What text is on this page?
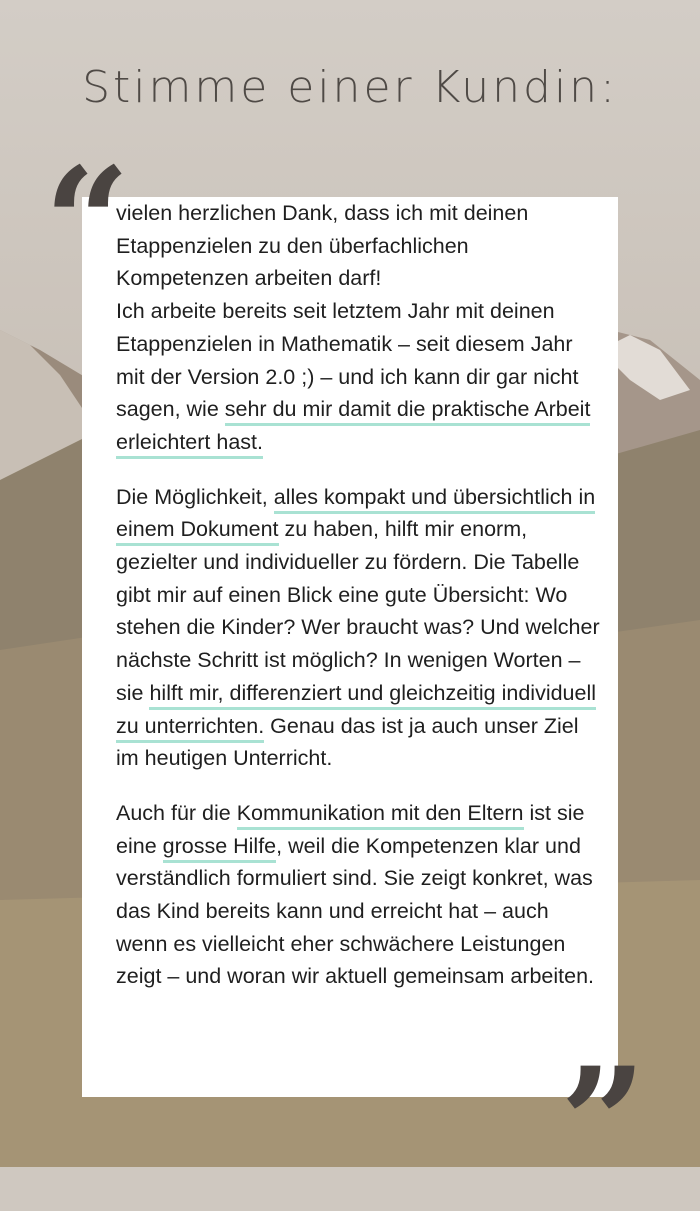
Stimme einer Kundin:

vielen herzlichen Dank, dass ich mit deinen Etappenzielen zu den überfachlichen Kompetenzen arbeiten darf!
Ich arbeite bereits seit letztem Jahr mit deinen Etappenzielen in Mathematik – seit diesem Jahr mit der Version 2.0 ;) – und ich kann dir gar nicht sagen, wie sehr du mir damit die praktische Arbeit erleichtert hast.

Die Möglichkeit, alles kompakt und übersichtlich in einem Dokument zu haben, hilft mir enorm, gezielter und individueller zu fördern. Die Tabelle gibt mir auf einen Blick eine gute Übersicht: Wo stehen die Kinder? Wer braucht was? Und welcher nächste Schritt ist möglich? In wenigen Worten – sie hilft mir, differenziert und gleichzeitig individuell zu unterrichten. Genau das ist ja auch unser Ziel im heutigen Unterricht.

Auch für die Kommunikation mit den Eltern ist sie eine grosse Hilfe, weil die Kompetenzen klar und verständlich formuliert sind. Sie zeigt konkret, was das Kind bereits kann und erreicht hat – auch wenn es vielleicht eher schwächere Leistungen zeigt – und woran wir aktuell gemeinsam arbeiten.

“
”
